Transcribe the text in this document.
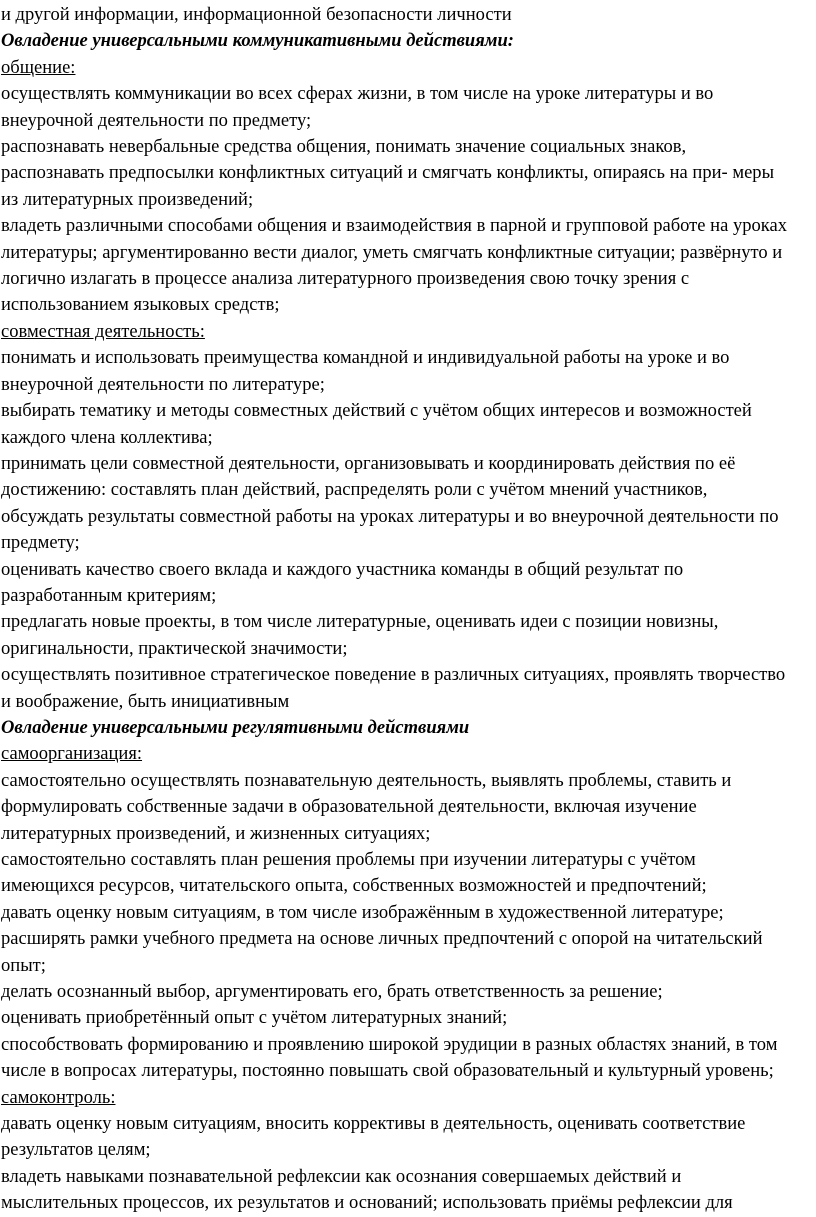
и другой информации, информационной безопасности личности

Овладение универсальными коммуникативными действиями:

общение:

осуществлять коммуникации во всех сферах жизни, в том числе на уроке литературы и во

внеурочной деятельности по предмету;

распознавать невербальные средства общения, понимать значение социальных знаков,

распознавать предпосылки конфликтных ситуаций и смягчать конфликты, опираясь на при- меры

из литературных произведений;

владеть различными способами общения и взаимодействия в парной и групповой работе на уроках

литературы; аргументированно вести диалог, уметь смягчать конфликтные ситуации; развёрнуто и

логично излагать в процессе анализа литературного произведения свою точку зрения с

использованием языковых средств;

совместная деятельность:

понимать и использовать преимущества командной и индивидуальной работы на уроке и во

внеурочной деятельности по литературе;

выбирать тематику и методы совместных действий с учётом общих интересов и возможностей

каждого члена коллектива;

принимать цели совместной деятельности, организовывать и координировать действия по её

достижению: составлять план действий, распределять роли с учётом мнений участников,

обсуждать результаты совместной работы на уроках литературы и во внеурочной деятельности по

предмету;

оценивать качество своего вклада и каждого участника команды в общий результат по

разработанным критериям;

предлагать новые проекты, в том числе литературные, оценивать идеи с позиции новизны,

оригинальности, практической значимости;

осуществлять позитивное стратегическое поведение в различных ситуациях, проявлять творчество

и воображение, быть инициативным

Овладение универсальными регулятивными действиями

самоорганизация:

самостоятельно осуществлять познавательную деятельность, выявлять проблемы, ставить и

формулировать собственные задачи в образовательной деятельности, включая изучение

литературных произведений, и жизненных ситуациях;

самостоятельно составлять план решения проблемы при изучении литературы с учётом

имеющихся ресурсов, читательского опыта, собственных возможностей и предпочтений;

давать оценку новым ситуациям, в том числе изображённым в художественной литературе;

расширять рамки учебного предмета на основе личных предпочтений с опорой на читательский

опыт;

делать осознанный выбор, аргументировать его, брать ответственность за решение;

оценивать приобретённый опыт с учётом литературных знаний;

способствовать формированию и проявлению широкой эрудиции в разных областях знаний, в том

числе в вопросах литературы, постоянно повышать свой образовательный и культурный уровень;

самоконтроль:

давать оценку новым ситуациям, вносить коррективы в деятельность, оценивать соответствие

результатов целям;

владеть навыками познавательной рефлексии как осознания совершаемых действий и

мыслительных процессов, их результатов и оснований; использовать приёмы рефлексии для
